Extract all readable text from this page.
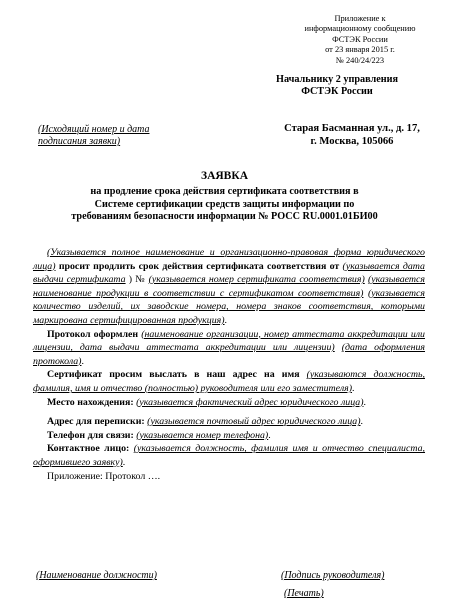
Приложение к
информационному сообщению
ФСТЭК России
от 23 января 2015 г.
№ 240/24/223
Начальнику 2 управления
ФСТЭК России
(Исходящий номер и дата
подписания заявки)
Старая Басманная ул., д. 17,
г. Москва, 105066
ЗАЯВКА
на продление срока действия сертификата соответствия в
Системе сертификации средств защиты информации по
требованиям безопасности информации № РОСС RU.0001.01БИ00

(Указывается полное наименование и организационно-правовая форма юридического лица) просит продлить срок действия сертификата соответствия от (указывается дата выдачи сертификата ) № (указывается номер сертификата соответствия) (указывается наименование продукции в соответствии с сертификатом соответствия) (указывается количество изделий, их заводские номера, номера знаков соответствия, которыми маркирована сертифицированная продукция).

Протокол оформлен (наименование организации, номер аттестата аккредитации или лицензии, дата выдачи аттестата аккредитации или лицензии) (дата оформления протокола).

Сертификат просим выслать в наш адрес на имя (указываются должность, фамилия, имя и отчество (полностью) руководителя или его заместителя).

Место нахождения: (указывается фактический адрес юридического лица).

Адрес для переписки: (указывается почтовый адрес юридического лица).

Телефон для связи: (указывается номер телефона).

Контактное лицо: (указывается должность, фамилия имя и отчество специалиста, оформившего заявку).

Приложение: Протокол ….

(Наименование должности)	(Подпись руководителя)
(Печать)
